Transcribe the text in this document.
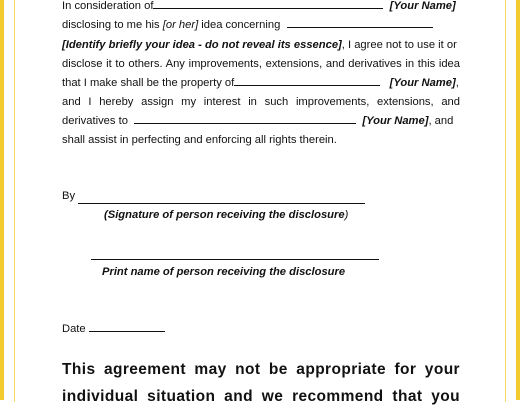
In consideration of	[Your Name]
disclosing to me his [or her] idea concerning
[Identify briefly your idea - do not reveal its essence], I agree not to use it or
disclose it to others. Any improvements, extensions, and derivatives in this idea
that I make shall be the property of	[Your Name],
and I hereby assign my interest in such improvements, extensions, and
derivatives to	[Your Name], and
shall assist in perfecting and enforcing all rights therein.
By
(Signature of person receiving the disclosure)
Print name of person receiving the disclosure
Date
This agreement may not be appropriate for your
individual situation and we recommend that you
